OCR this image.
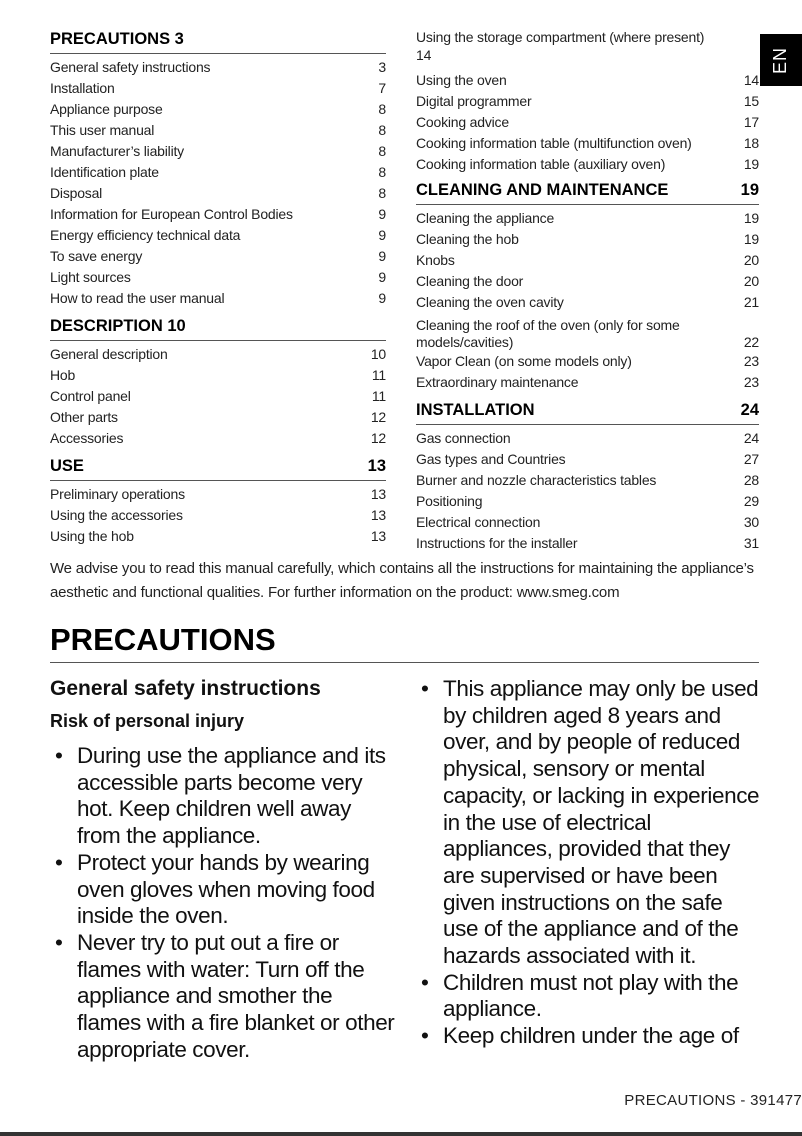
PRECAUTIONS 3
General safety instructions	3
Installation	7
Appliance purpose	8
This user manual	8
Manufacturer’s liability	8
Identification plate	8
Disposal	8
Information for European Control Bodies	9
Energy efficiency technical data	9
To save energy	9
Light sources	9
How to read the user manual	9
DESCRIPTION 10
General description	10
Hob	11
Control panel	11
Other parts	12
Accessories	12
USE	13
Preliminary operations	13
Using the accessories	13
Using the hob	13
Using the storage compartment (where present)
14
Using the oven	14
Digital programmer	15
Cooking advice	17
Cooking information table (multifunction oven)	18
Cooking information table (auxiliary oven)	19
CLEANING AND MAINTENANCE	19
Cleaning the appliance	19
Cleaning the hob	19
Knobs	20
Cleaning the door	20
Cleaning the oven cavity	21
Cleaning the roof of the oven (only for some models/cavities)	22
Vapor Clean (on some models only)	23
Extraordinary maintenance	23
INSTALLATION	24
Gas connection	24
Gas types and Countries	27
Burner and nozzle characteristics tables	28
Positioning	29
Electrical connection	30
Instructions for the installer	31
EN

We advise you to read this manual carefully, which contains all the instructions for maintaining the appliance’s aesthetic and functional qualities. For further information on the product: www.smeg.com

PRECAUTIONS
General safety instructions
Risk of personal injury
• During use the appliance and its accessible parts become very hot. Keep children well away from the appliance.
• Protect your hands by wearing oven gloves when moving food inside the oven.
• Never try to put out a fire or flames with water: Turn off the appliance and smother the flames with a fire blanket or other appropriate cover.
• This appliance may only be used by children aged 8 years and over, and by people of reduced physical, sensory or mental capacity, or lacking in experience in the use of electrical appliances, provided that they are supervised or have been given instructions on the safe use of the appliance and of the hazards associated with it.
• Children must not play with the appliance.
• Keep children under the age of
PRECAUTIONS - 391477
